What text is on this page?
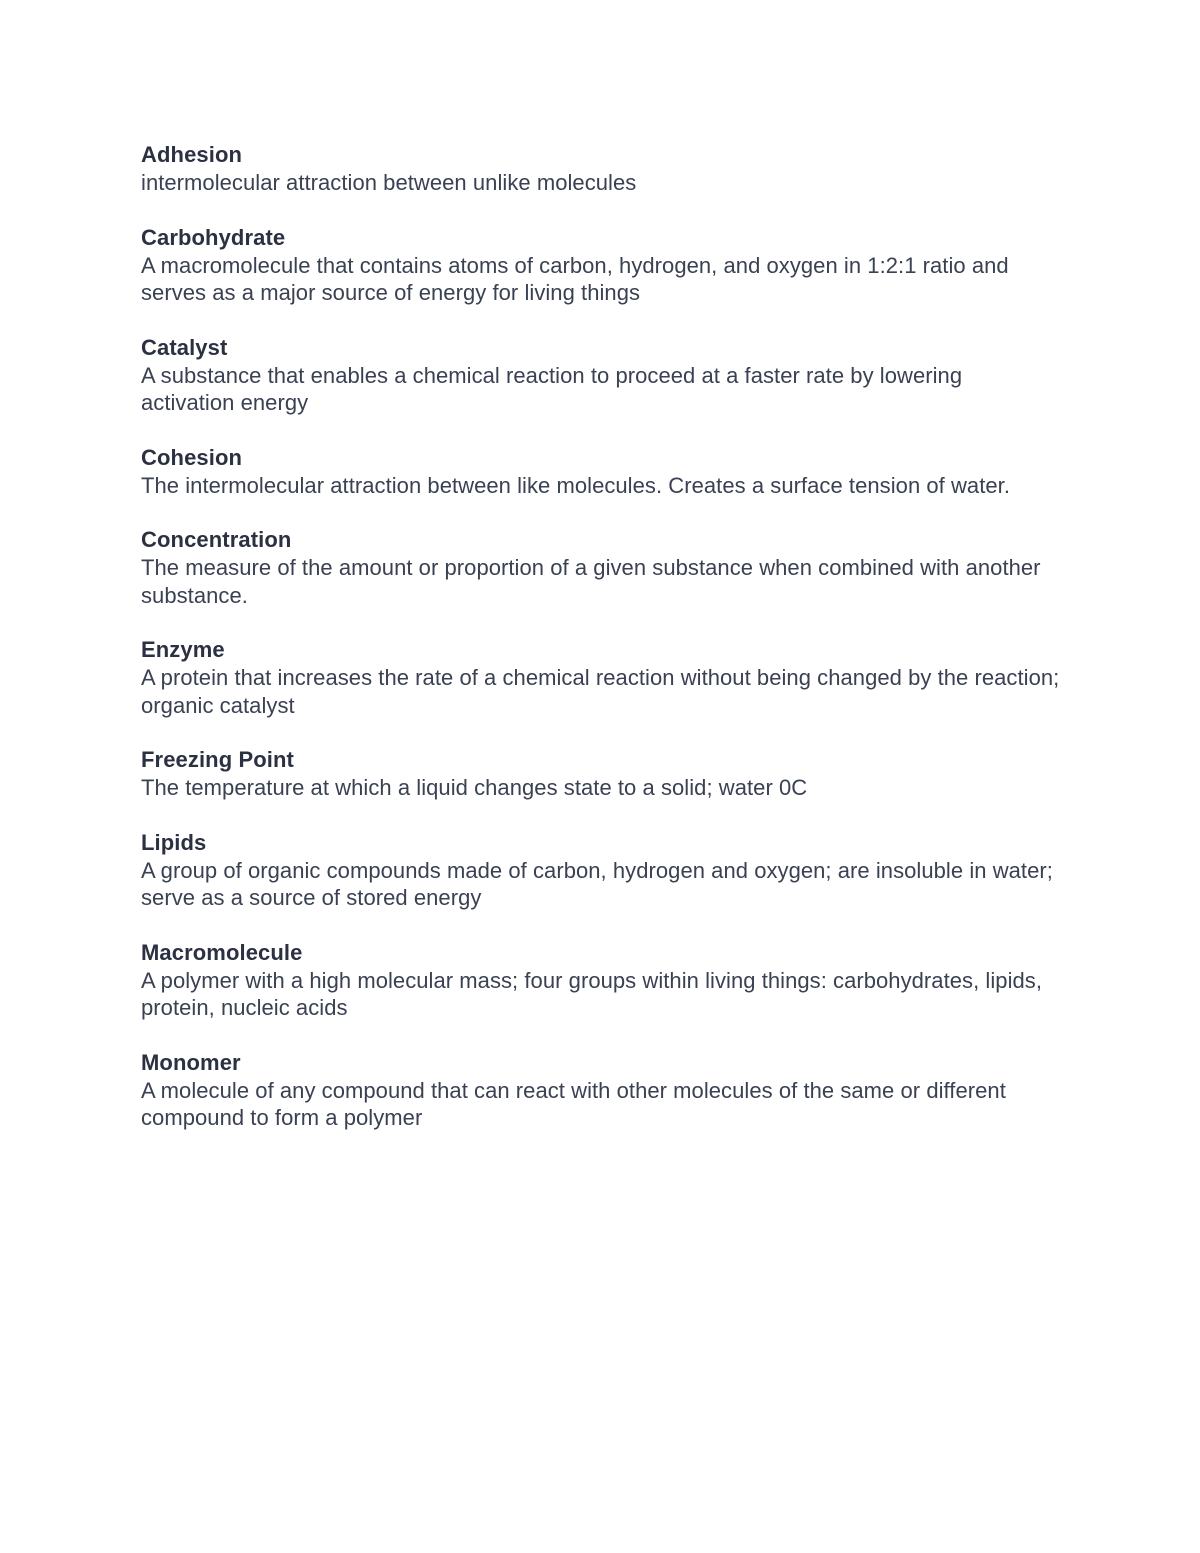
Adhesion
intermolecular attraction between unlike molecules
Carbohydrate
A macromolecule that contains atoms of carbon, hydrogen, and oxygen in 1:2:1 ratio and serves as a major source of energy for living things
Catalyst
A substance that enables a chemical reaction to proceed at a faster rate by lowering activation energy
Cohesion
The intermolecular attraction between like molecules. Creates a surface tension of water.
Concentration
The measure of the amount or proportion of a given substance when combined with another substance.
Enzyme
A protein that increases the rate of a chemical reaction without being changed by the reaction; organic catalyst
Freezing Point
The temperature at which a liquid changes state to a solid; water 0C
Lipids
A group of organic compounds made of carbon, hydrogen and oxygen; are insoluble in water; serve as a source of stored energy
Macromolecule
A polymer with a high molecular mass; four groups within living things: carbohydrates, lipids, protein, nucleic acids
Monomer
A molecule of any compound that can react with other molecules of the same or different compound to form a polymer
